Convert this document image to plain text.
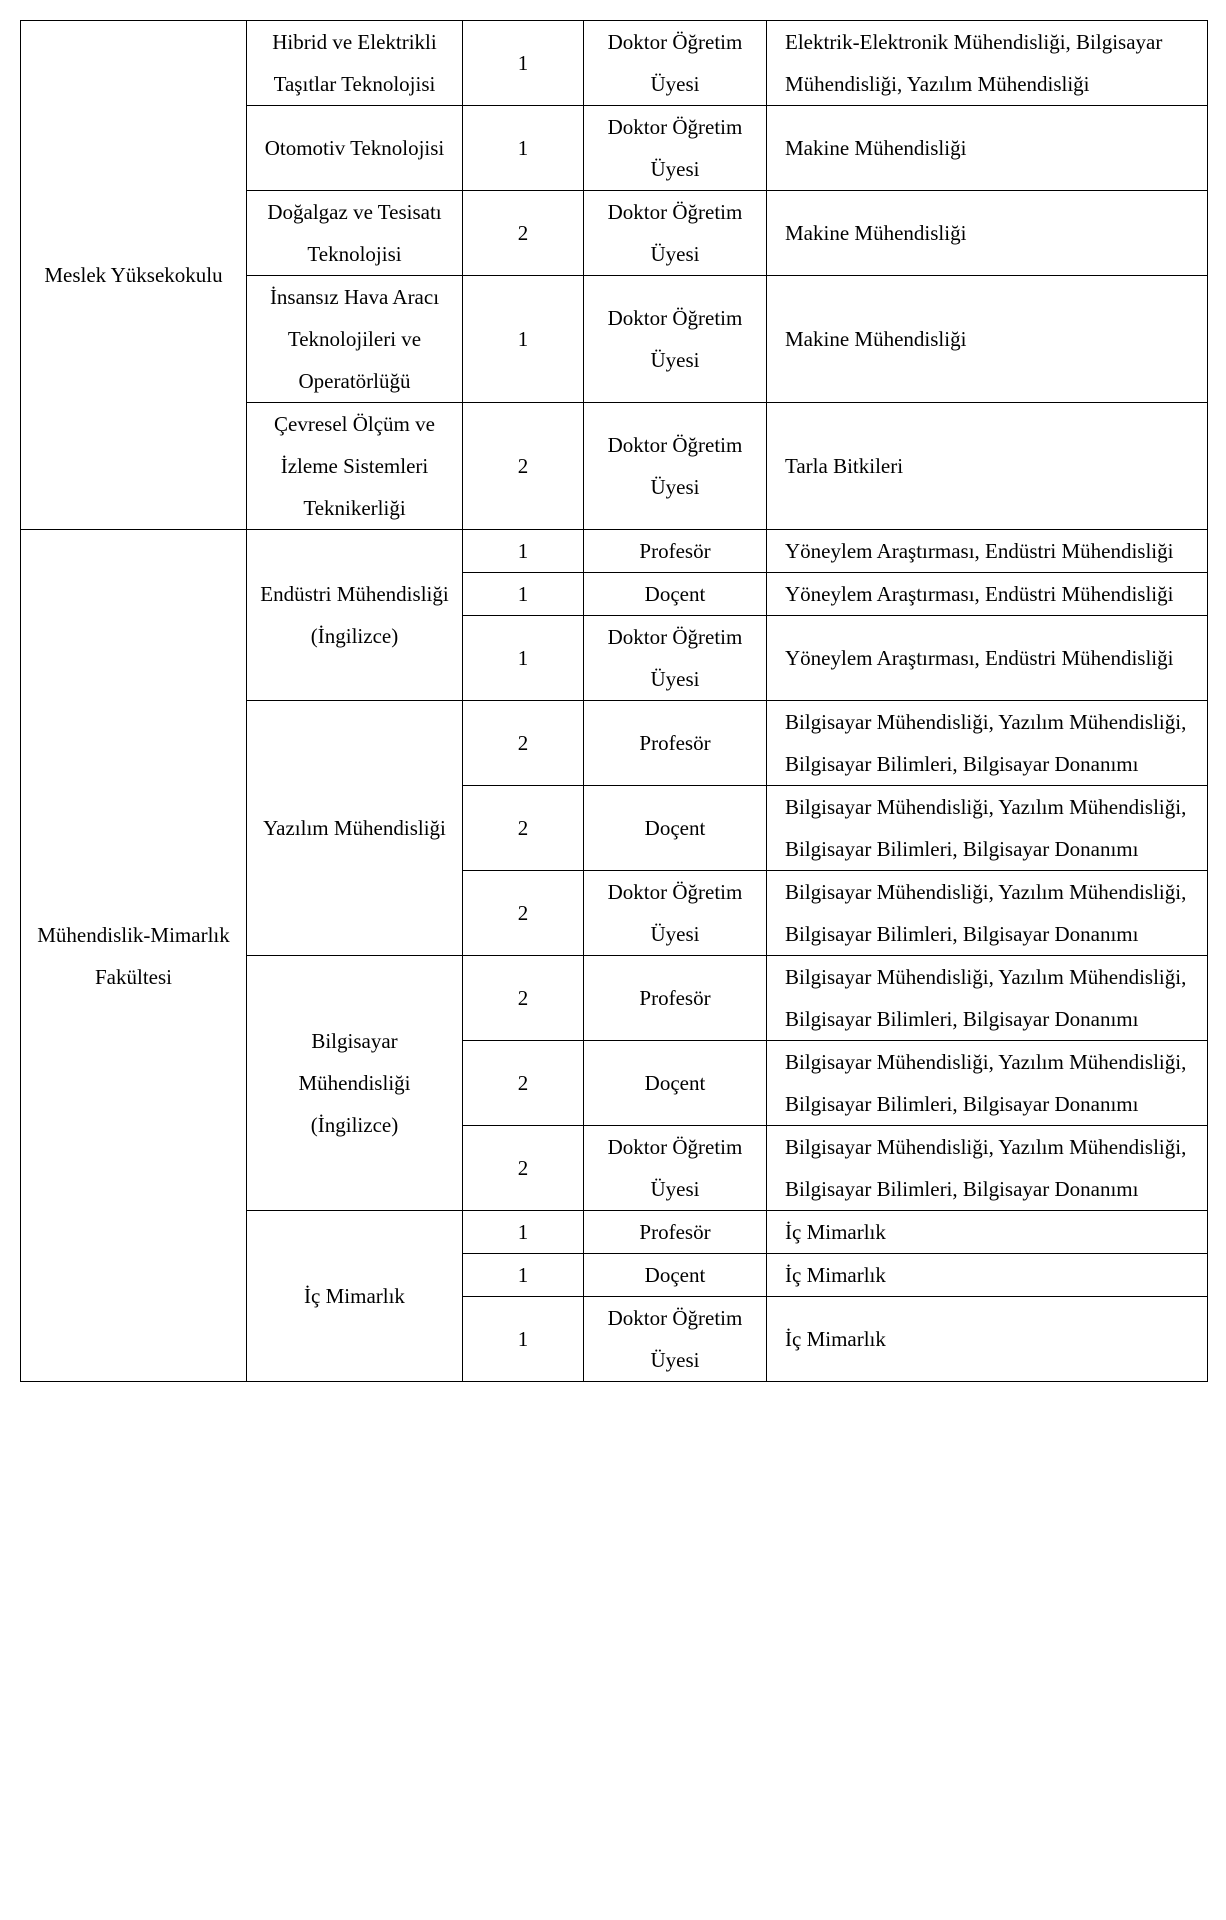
Meslek Yüksekokulu	Hibrid ve Elektrikli Taşıtlar Teknolojisi	1	Doktor Öğretim Üyesi	Elektrik-Elektronik Mühendisliği, Bilgisayar Mühendisliği, Yazılım Mühendisliği
	Otomotiv Teknolojisi	1	Doktor Öğretim Üyesi	Makine Mühendisliği
	Doğalgaz ve Tesisatı Teknolojisi	2	Doktor Öğretim Üyesi	Makine Mühendisliği
	İnsansız Hava Aracı Teknolojileri ve Operatörlüğü	1	Doktor Öğretim Üyesi	Makine Mühendisliği
	Çevresel Ölçüm ve İzleme Sistemleri Teknikerliği	2	Doktor Öğretim Üyesi	Tarla Bitkileri
Mühendislik-Mimarlık Fakültesi	Endüstri Mühendisliği (İngilizce)	1	Profesör	Yöneylem Araştırması, Endüstri Mühendisliği
		1	Doçent	Yöneylem Araştırması, Endüstri Mühendisliği
		1	Doktor Öğretim Üyesi	Yöneylem Araştırması, Endüstri Mühendisliği
	Yazılım Mühendisliği	2	Profesör	Bilgisayar Mühendisliği, Yazılım Mühendisliği, Bilgisayar Bilimleri, Bilgisayar Donanımı
		2	Doçent	Bilgisayar Mühendisliği, Yazılım Mühendisliği, Bilgisayar Bilimleri, Bilgisayar Donanımı
		2	Doktor Öğretim Üyesi	Bilgisayar Mühendisliği, Yazılım Mühendisliği, Bilgisayar Bilimleri, Bilgisayar Donanımı
	Bilgisayar Mühendisliği (İngilizce)	2	Profesör	Bilgisayar Mühendisliği, Yazılım Mühendisliği, Bilgisayar Bilimleri, Bilgisayar Donanımı
		2	Doçent	Bilgisayar Mühendisliği, Yazılım Mühendisliği, Bilgisayar Bilimleri, Bilgisayar Donanımı
		2	Doktor Öğretim Üyesi	Bilgisayar Mühendisliği, Yazılım Mühendisliği, Bilgisayar Bilimleri, Bilgisayar Donanımı
	İç Mimarlık	1	Profesör	İç Mimarlık
		1	Doçent	İç Mimarlık
		1	Doktor Öğretim Üyesi	İç Mimarlık
